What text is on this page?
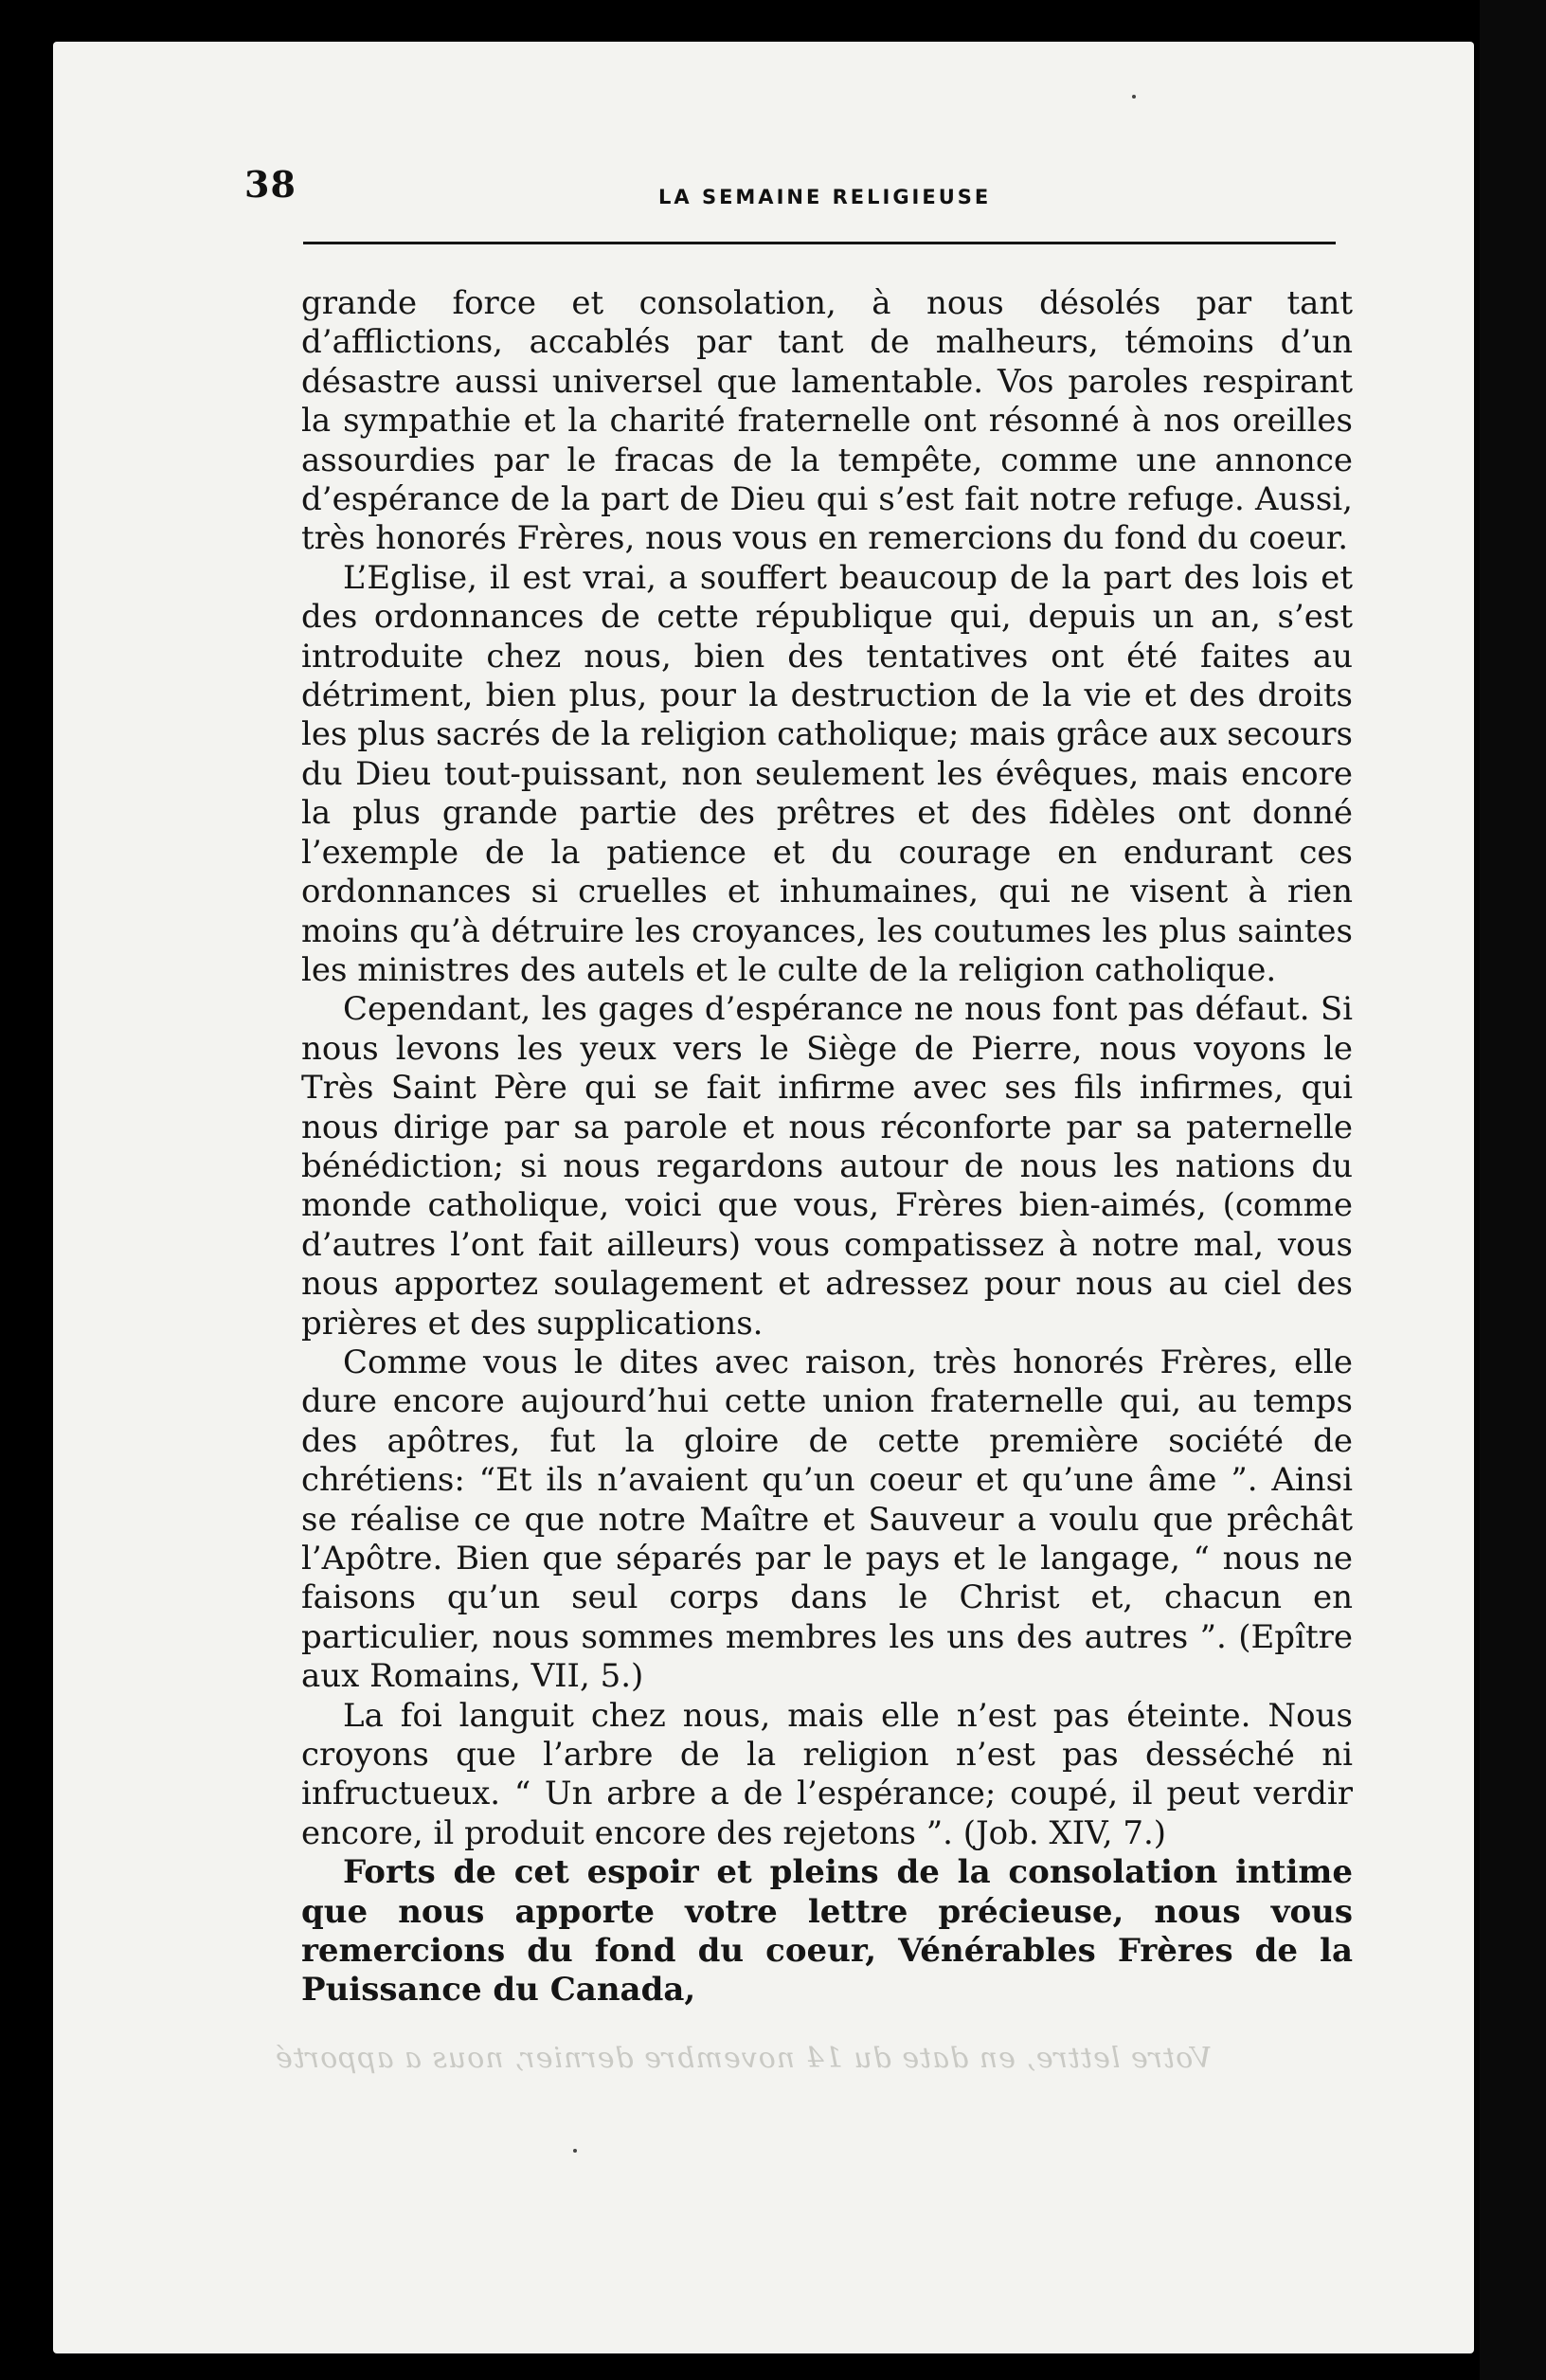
38	LA SEMAINE RELIGIEUSE

grande force et consolation, à nous désolés par tant d’afflictions, accablés par tant de malheurs, témoins d’un désastre aussi universel que lamentable. Vos paroles respirant la sympathie et la charité fraternelle ont résonné à nos oreilles assourdies par le fracas de la tempête, comme une annonce d’espérance de la part de Dieu qui s’est fait notre refuge. Aussi, très honorés Frères, nous vous en remercions du fond du coeur.

L’Eglise, il est vrai, a souffert beaucoup de la part des lois et des ordonnances de cette république qui, depuis un an, s’est introduite chez nous, bien des tentatives ont été faites au détriment, bien plus, pour la destruction de la vie et des droits les plus sacrés de la religion catholique; mais grâce aux secours du Dieu tout-puissant, non seulement les évêques, mais encore la plus grande partie des prêtres et des fidèles ont donné l’exemple de la patience et du courage en endurant ces ordonnances si cruelles et inhumaines, qui ne visent à rien moins qu’à détruire les croyances, les coutumes les plus saintes les ministres des autels et le culte de la religion catholique.

Cependant, les gages d’espérance ne nous font pas défaut. Si nous levons les yeux vers le Siège de Pierre, nous voyons le Très Saint Père qui se fait infirme avec ses fils infirmes, qui nous dirige par sa parole et nous réconforte par sa paternelle bénédiction; si nous regardons autour de nous les nations du monde catholique, voici que vous, Frères bien-aimés, (comme d’autres l’ont fait ailleurs) vous compatissez à notre mal, vous nous apportez soulagement et adressez pour nous au ciel des prières et des supplications.

Comme vous le dites avec raison, très honorés Frères, elle dure encore aujourd’hui cette union fraternelle qui, au temps des apôtres, fut la gloire de cette première société de chrétiens: “Et ils n’avaient qu’un coeur et qu’une âme ”. Ainsi se réalise ce que notre Maître et Sauveur a voulu que prêchât l’Apôtre. Bien que séparés par le pays et le langage, “ nous ne faisons qu’un seul corps dans le Christ et, chacun en particulier, nous sommes membres les uns des autres ”. (Epître aux Romains, VII, 5.)

La foi languit chez nous, mais elle n’est pas éteinte. Nous croyons que l’arbre de la religion n’est pas desséché ni infructueux. “ Un arbre a de l’espérance; coupé, il peut verdir encore, il produit encore des rejetons ”. (Job. XIV, 7.)

Forts de cet espoir et pleins de la consolation intime que nous apporte votre lettre précieuse, nous vous remercions du fond du coeur, Vénérables Frères de la Puissance du Canada,

Votre lettre, en date du 14 novembre dernier, nous a apporté
